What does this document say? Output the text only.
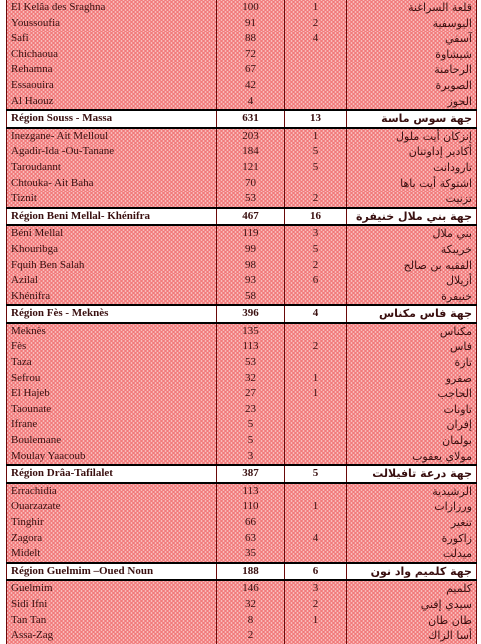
El Kelâa des Sraghna	100	1	قلعة السراغنة
Youssoufia	91	2	اليوسفية
Safi	88	4	آسفي
Chichaoua	72		شيشاوة
Rehamna	67		الرحامنة
Essaouira	42		الصويرة
Al Haouz	4		الحوز
Région Souss - Massa	631	13	جهة سوس ماسة
Inezgane- Ait Melloul	203	1	إنزكان أيت ملول
Agadir-Ida -Ou-Tanane	184	5	أكادير إداوتنان
Taroudannt	121	5	تارودانت
Chtouka- Ait Baha	70		اشتوكة أيت باها
Tiznit	53	2	تزنيت
Région Beni Mellal- Khénifra	467	16	جهة بني ملال خنيفرة
Béni Mellal	119	3	بني ملال
Khouribga	99	5	خريبكة
Fquih Ben Salah	98	2	الفقيه بن صالح
Azilal	93	6	أزيلال
Khénifra	58		خنيفرة
Région Fès - Meknès	396	4	جهة فاس مكناس
Meknès	135		مكناس
Fès	113	2	فاس
Taza	53		تازة
Sefrou	32	1	صفرو
El Hajeb	27	1	الحاجب
Taounate	23		تاونات
Ifrane	5		إفران
Boulemane	5		بولمان
Moulay Yaacoub	3		مولاي يعقوب
Région Drâa-Tafilalet	387	5	جهة درعة تافيلالت
Errachidia	113		الرشيدية
Ouarzazate	110	1	ورزازات
Tinghir	66		تنغير
Zagora	63	4	زاكورة
Midelt	35		ميدلت
Région Guelmim –Oued Noun	188	6	جهة كلميم واد نون
Guelmim	146	3	كلميم
Sidi Ifni	32	2	سيدي إفني
Tan Tan	8	1	طان طان
Assa-Zag	2		أسا الزاك
